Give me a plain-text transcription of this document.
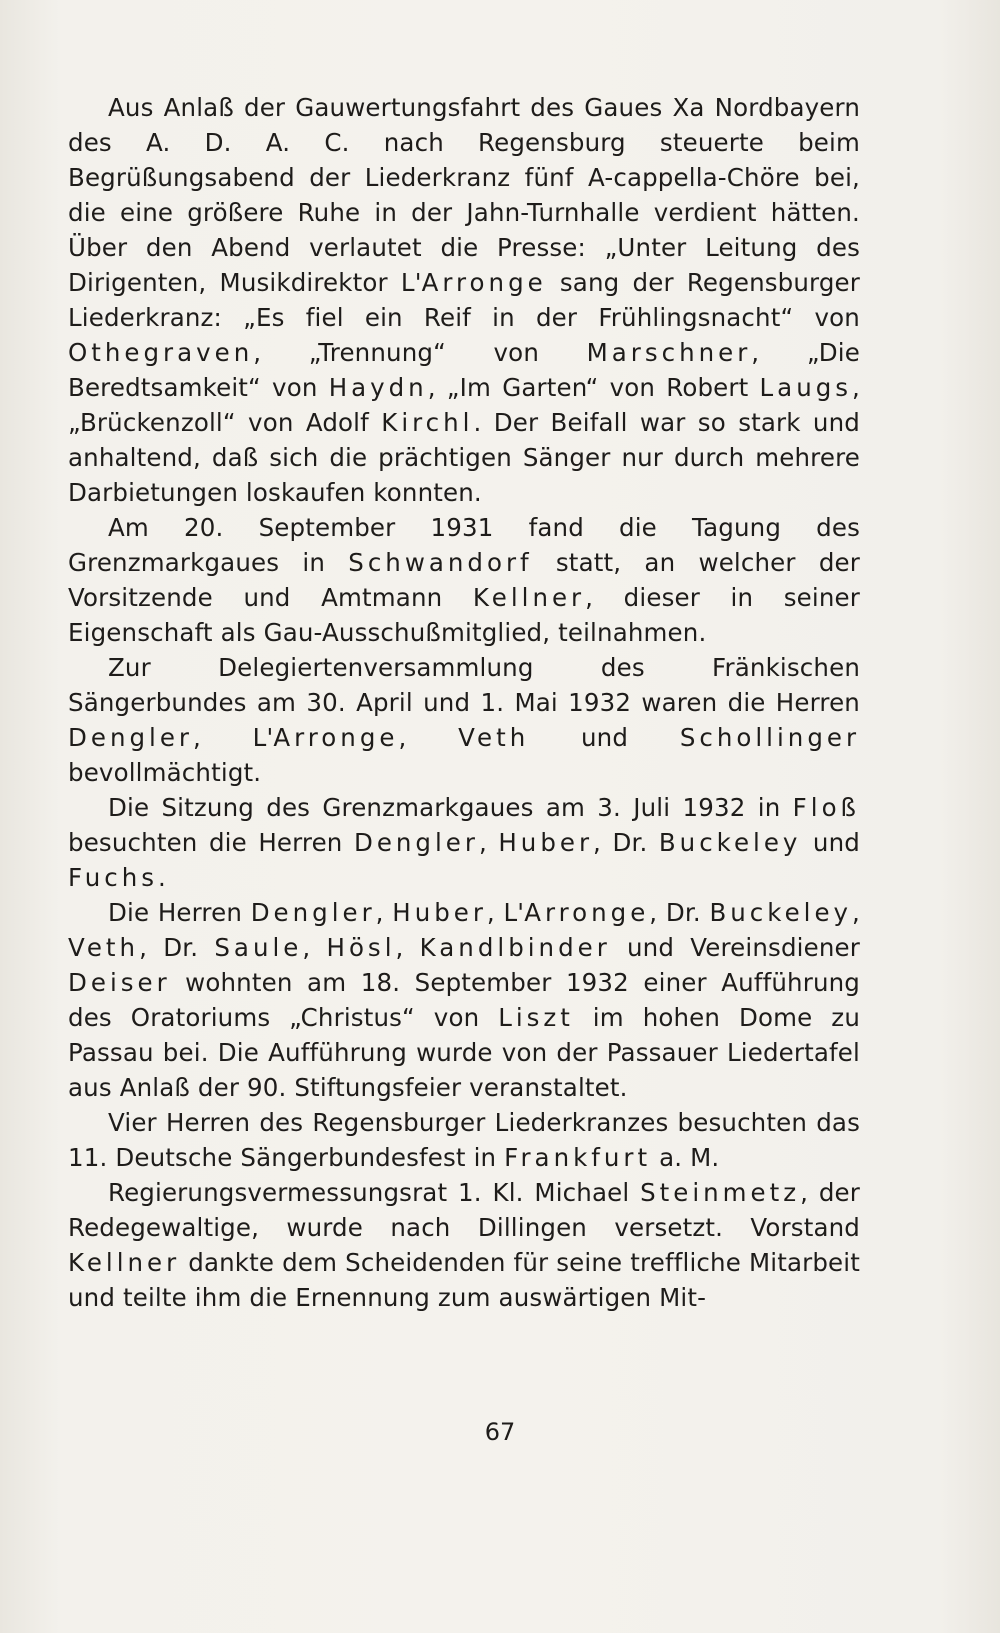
Aus Anlaß der Gauwertungsfahrt des Gaues Xa Nordbayern des A. D. A. C. nach Regensburg steuerte beim Begrüßungsabend der Liederkranz fünf A-cappella-Chöre bei, die eine größere Ruhe in der Jahn-Turnhalle verdient hätten. Über den Abend verlautet die Presse: „Unter Leitung des Dirigenten, Musikdirektor L'Arronge sang der Regensburger Liederkranz: „Es fiel ein Reif in der Frühlingsnacht“ von Othegraven, „Trennung“ von Marschner, „Die Beredtsamkeit“ von Haydn, „Im Garten“ von Robert Laugs, „Brückenzoll“ von Adolf Kirchl. Der Beifall war so stark und anhaltend, daß sich die prächtigen Sänger nur durch mehrere Darbietungen loskaufen konnten.

Am 20. September 1931 fand die Tagung des Grenzmarkgaues in Schwandorf statt, an welcher der Vorsitzende und Amtmann Kellner, dieser in seiner Eigenschaft als Gau-Ausschußmitglied, teilnahmen.

Zur Delegiertenversammlung des Fränkischen Sängerbundes am 30. April und 1. Mai 1932 waren die Herren Dengler, L'Arronge, Veth und Schollinger bevollmächtigt.

Die Sitzung des Grenzmarkgaues am 3. Juli 1932 in Floß besuchten die Herren Dengler, Huber, Dr. Buckeley und Fuchs.

Die Herren Dengler, Huber, L'Arronge, Dr. Buckeley, Veth, Dr. Saule, Hösl, Kandlbinder und Vereinsdiener Deiser wohnten am 18. September 1932 einer Aufführung des Oratoriums „Christus“ von Liszt im hohen Dome zu Passau bei. Die Aufführung wurde von der Passauer Liedertafel aus Anlaß der 90. Stiftungsfeier veranstaltet.

Vier Herren des Regensburger Liederkranzes besuchten das 11. Deutsche Sängerbundesfest in Frankfurt a. M.

Regierungsvermessungsrat 1. Kl. Michael Steinmetz, der Redegewaltige, wurde nach Dillingen versetzt. Vorstand Kellner dankte dem Scheidenden für seine treffliche Mitarbeit und teilte ihm die Ernennung zum auswärtigen Mit-

67
